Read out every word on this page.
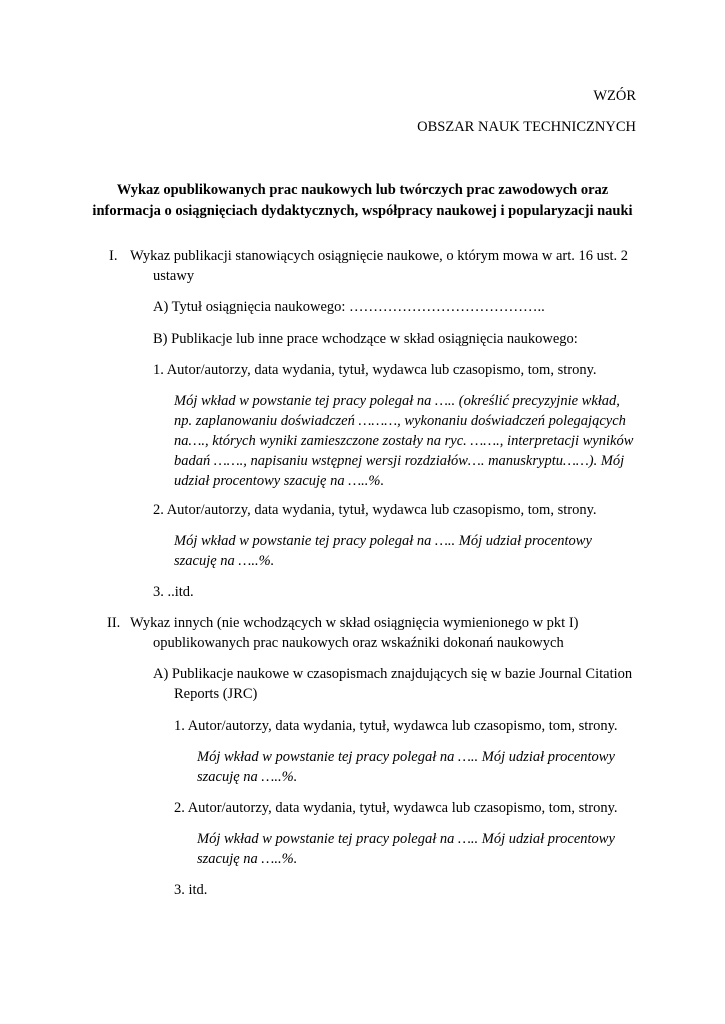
WZÓR
OBSZAR NAUK TECHNICZNYCH
Wykaz opublikowanych prac naukowych lub twórczych prac zawodowych oraz
informacja o osiągnięciach dydaktycznych, współpracy naukowej i popularyzacji nauki
I. Wykaz publikacji stanowiących osiągnięcie naukowe, o którym mowa w art. 16 ust. 2
ustawy
A) Tytuł osiągnięcia naukowego: …………………………………..
B) Publikacje lub inne prace wchodzące w skład osiągnięcia naukowego:
1. Autor/autorzy, data wydania, tytuł, wydawca lub czasopismo, tom, strony.
Mój wkład w powstanie tej pracy polegał na ….. (określić precyzyjnie wkład,
np. zaplanowaniu doświadczeń ………, wykonaniu doświadczeń polegających
na…., których wyniki zamieszczone zostały na ryc. ……., interpretacji wyników
badań ……., napisaniu wstępnej wersji rozdziałów…. manuskryptu……). Mój
udział procentowy szacuję na …..%.
2. Autor/autorzy, data wydania, tytuł, wydawca lub czasopismo, tom, strony.
Mój wkład w powstanie tej pracy polegał na ….. Mój udział procentowy
szacuję na …..%.
3. ..itd.
II. Wykaz innych (nie wchodzących w skład osiągnięcia wymienionego w pkt I)
opublikowanych prac naukowych oraz wskaźniki dokonań naukowych
A) Publikacje naukowe w czasopismach znajdujących się w bazie Journal Citation
Reports (JRC)
1. Autor/autorzy, data wydania, tytuł, wydawca lub czasopismo, tom, strony.
Mój wkład w powstanie tej pracy polegał na ….. Mój udział procentowy
szacuję na …..%.
2. Autor/autorzy, data wydania, tytuł, wydawca lub czasopismo, tom, strony.
Mój wkład w powstanie tej pracy polegał na ….. Mój udział procentowy
szacuję na …..%.
3. itd.
